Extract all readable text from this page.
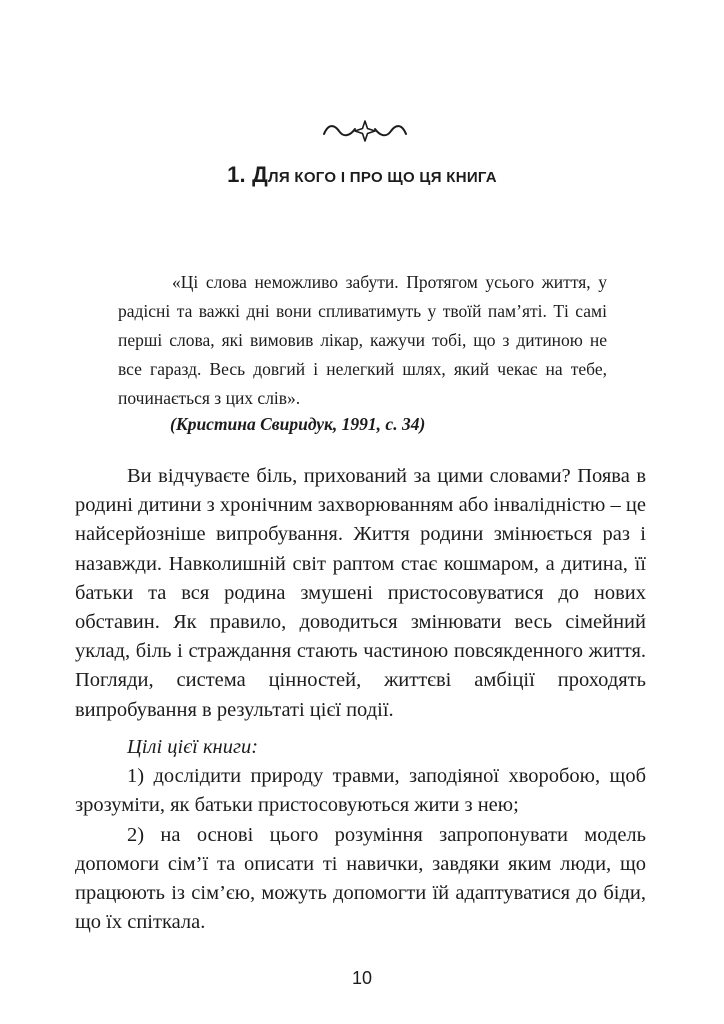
1. ДЛЯ КОГО І ПРО ЩО ЦЯ КНИГА

«Ці слова неможливо забути. Протягом усього життя, у радісні та важкі дні вони спливатимуть у твоїй пам’яті. Ті самі перші слова, які вимовив лікар, кажучи тобі, що з дитиною не все гаразд. Весь довгий і нелегкий шлях, який чекає на тебе, починається з цих слів».

(Кристина Свиридук, 1991, с. 34)

Ви відчуваєте біль, прихований за цими словами? Поява в родині дитини з хронічним захворюванням або інвалідністю – це найсерйозніше випробування. Життя родини змінюється раз і назавжди. Навколишній світ раптом стає кошмаром, а дитина, її батьки та вся родина змушені пристосовуватися до нових обставин. Як правило, доводиться змінювати весь сімейний уклад, біль і страждання стають частиною повсякденного життя. Погляди, система цінностей, життєві амбіції проходять випробування в результаті цієї події.

Цілі цієї книги:

1) дослідити природу травми, заподіяної хворобою, щоб зрозуміти, як батьки пристосовуються жити з нею;

2) на основі цього розуміння запропонувати модель допомоги сім’ї та описати ті навички, завдяки яким люди, що працюють із сім’єю, можуть допомогти їй адаптуватися до біди, що їх спіткала.

10
